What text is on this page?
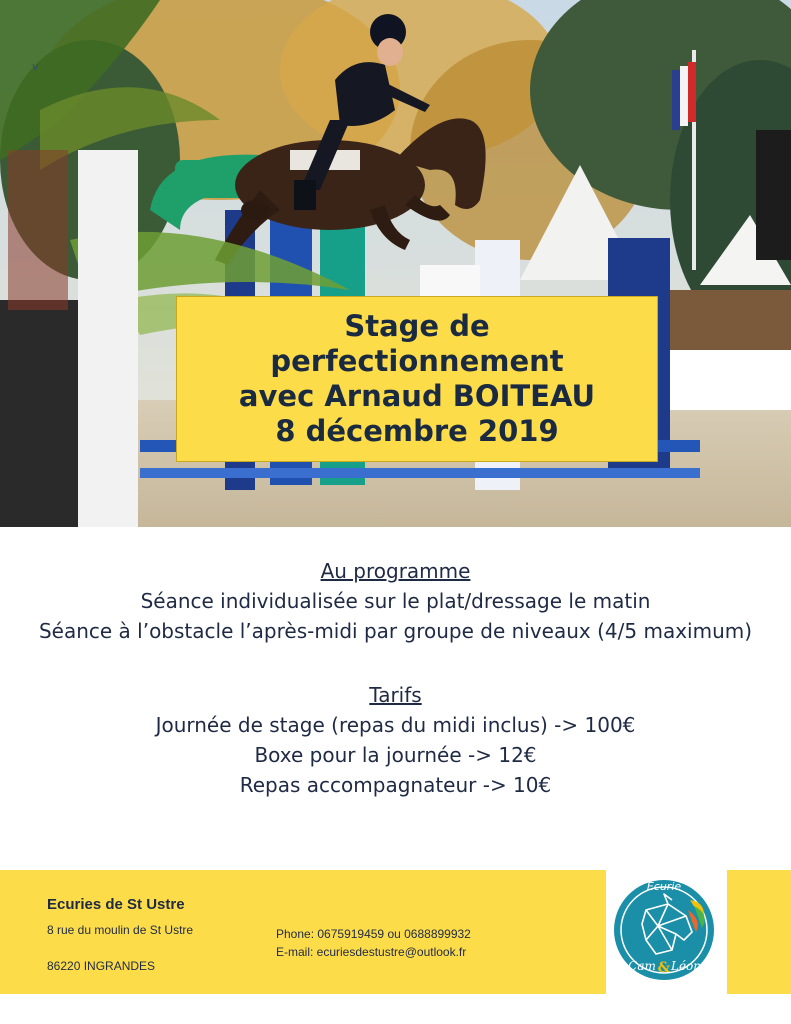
v
Stage de
perfectionnement
avec Arnaud BOITEAU
8 décembre 2019
Au programme
Séance individualisée sur le plat/dressage le matin
Séance à l’obstacle l’après-midi par groupe de niveaux (4/5 maximum)
Tarifs
Journée de stage (repas du midi inclus) -> 100€
Boxe pour la journée -> 12€
Repas accompagnateur -> 10€
Ecuries de St Ustre
8 rue du moulin de St Ustre
86220 INGRANDES
Phone: 0675919459 ou 0688899932
E-mail: ecuriesdestustre@outlook.fr
Écurie
Cam & Léon
